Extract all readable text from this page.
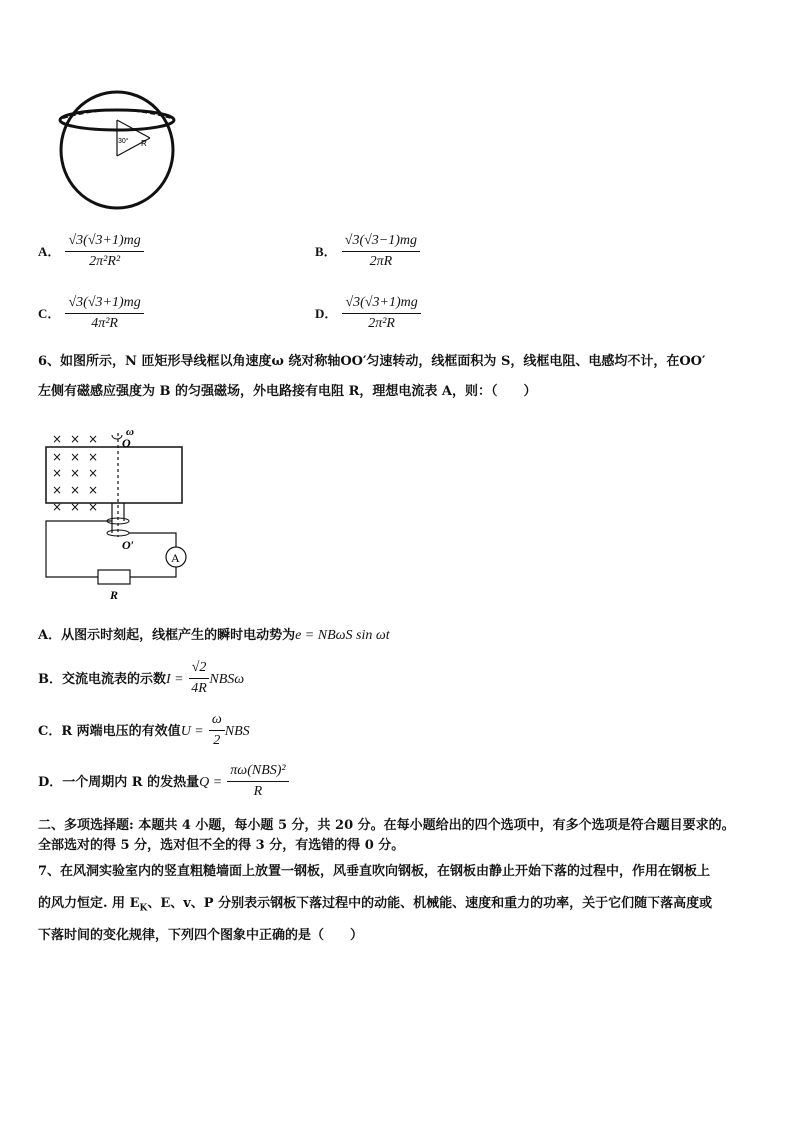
30° R
A． $\frac{√3(√3+1)mg}{\text{2π²R²}}$	B． $\frac{√3(√3-1)mg}{2\pi R}$
C． $\frac{√3(√3+1)mg}{\text{4π²R}}$	D． $\frac{√3(√3+1)mg}{\text{2π²R}}$
6、如图所示，N 匝矩形导线框以角速度ω 绕对称轴OO′匀速转动，线框面积为 S，线框电阻、电感均不计，在OO′
左侧有磁感应强度为 B 的匀强磁场，外电路接有电阻 R，理想电流表 A，则：（　　）
× × ×
× × ×
× × ×
× × ×
× × ×
ω
O
O′
A
R
A．从图示时刻起，线框产生的瞬时电动势为e = NBωS sin ωt
B．交流电流表的示数$I = \frac{√2}{4R}$ NBSω
C．R 两端电压的有效值$U = \frac{\omega}{2}$ NBS
D．一个周期内 R 的发热量$Q = \frac{\text{πω(NBS)²}}{R}$
二、多项选择题: 本题共 4 小题，每小题 5 分，共 20 分。在每小题给出的四个选项中，有多个选项是符合题目要求的。
全部选对的得 5 分，选对但不全的得 3 分，有选错的得 0 分。
7、在风洞实验室内的竖直粗糙墙面上放置一钢板，风垂直吹向钢板，在钢板由静止开始下落的过程中，作用在钢板上
的风力恒定. 用 $E_K$、E、v、P 分别表示钢板下落过程中的动能、机械能、速度和重力的功率，关于它们随下落高度或
下落时间的变化规律，下列四个图象中正确的是（　　）
